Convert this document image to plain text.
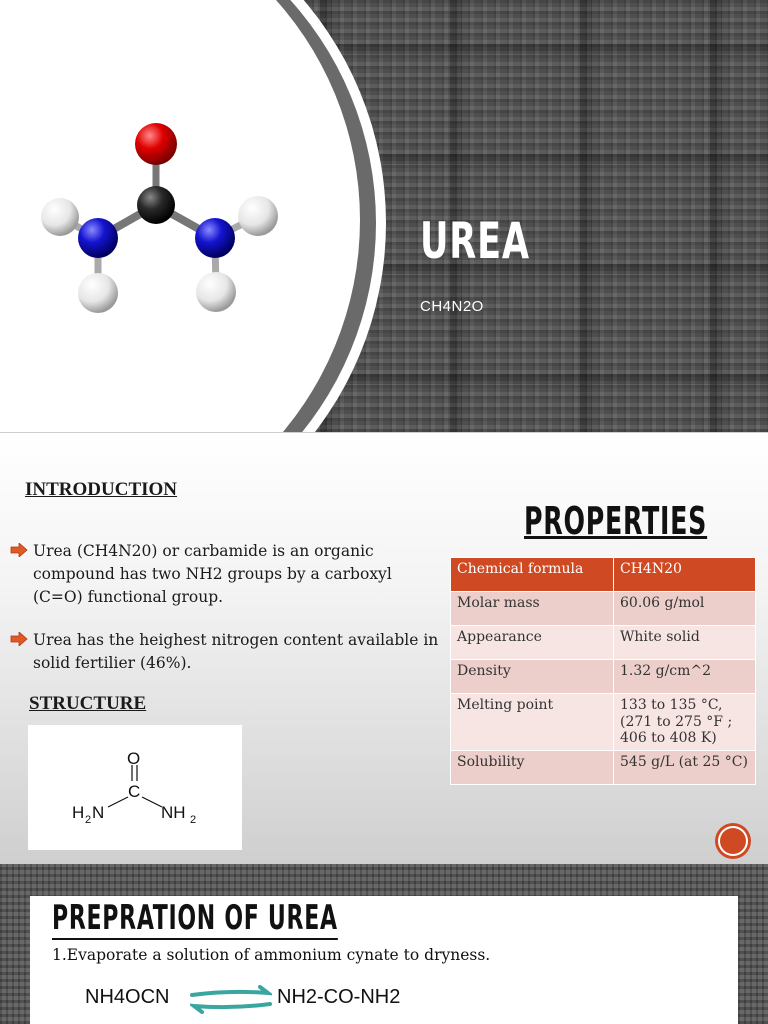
UREA
CH4N2O
INTRODUCTION
Urea (CH4N20) or carbamide is an organic compound has two NH2 groups by a carboxyl (C=O) functional group.
Urea has the heighest nitrogen content available in solid fertilier (46%).
STRUCTURE
O
C
H 2 N	NH 2
PROPERTIES
Chemical formula	CH4N20
Molar mass	60.06 g/mol
Appearance	White solid
Density	1.32 g/cm^2
Melting point	133 to 135 °C, (271 to 275 °F ; 406 to 408 K)
Solubility	545 g/L (at 25 °C)
PREPRATION OF UREA
1.Evaporate a solution of ammonium cynate to dryness.
NH4OCN	NH2-CO-NH2
